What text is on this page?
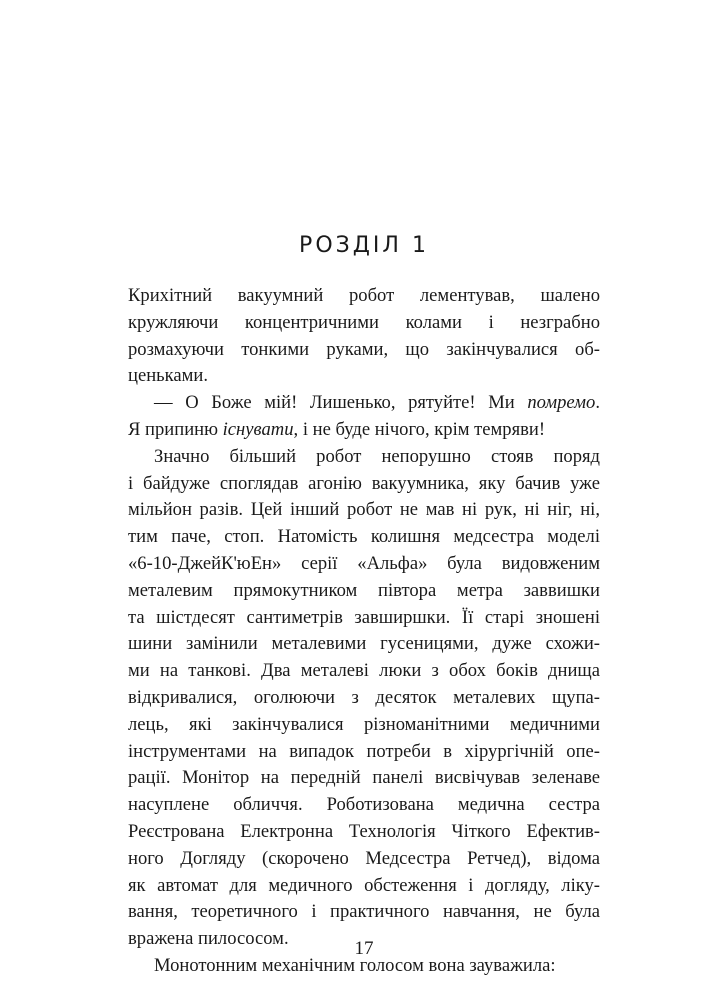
РОЗДІЛ 1
Крихітний вакуумний робот лементував, шалено
кружляючи концентричними колами і незграбно
розмахуючи тонкими руками, що закінчувалися об-
ценьками.
— О Боже мій! Лишенько, рятуйте! Ми помремо.
Я припиню існувати, і не буде нічого, крім темряви!
Значно більший робот непорушно стояв поряд
і байдуже споглядав агонію вакуумника, яку бачив уже
мільйон разів. Цей інший робот не мав ні рук, ні ніг, ні,
тим паче, стоп. Натомість колишня медсестра моделі
«6-10-ДжейК'юЕн» серії «Альфа» була видовженим
металевим прямокутником півтора метра заввишки
та шістдесят сантиметрів завширшки. Її старі зношені
шини замінили металевими гусеницями, дуже схожи-
ми на танкові. Два металеві люки з обох боків днища
відкривалися, оголюючи з десяток металевих щупа-
лець, які закінчувалися різноманітними медичними
інструментами на випадок потреби в хірургічній опе-
рації. Монітор на передній панелі висвічував зеленаве
насуплене обличчя. Роботизована медична сестра
Реєстрована Електронна Технологія Чіткого Ефектив-
ного Догляду (скорочено Медсестра Ретчед), відома
як автомат для медичного обстеження і догляду, ліку-
вання, теоретичного і практичного навчання, не була
вражена пилососом.
Монотонним механічним голосом вона зауважила:
17
